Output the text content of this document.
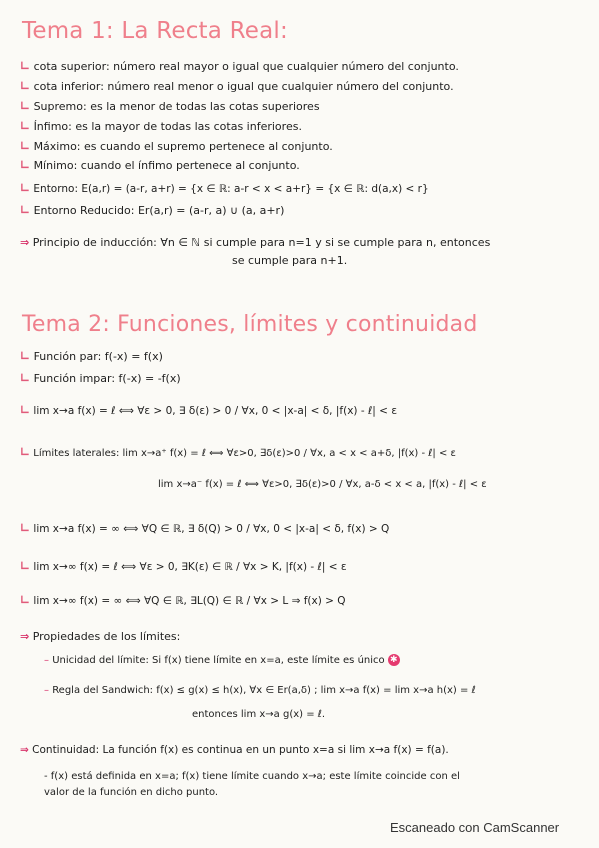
Tema 1: La Recta Real:
∟ cota superior: número real mayor o igual que cualquier número del conjunto.
∟ cota inferior: número real menor o igual que cualquier número del conjunto.
∟ Supremo: es la menor de todas las cotas superiores
∟ Ínfimo: es la mayor de todas las cotas inferiores.
∟ Máximo: es cuando el supremo pertenece al conjunto.
∟ Mínimo: cuando el ínfimo pertenece al conjunto.
∟ Entorno: E(a,r) = (a-r, a+r) = {x ∈ ℝ: a-r < x < a+r} = {x ∈ ℝ: d(a,x) < r}
∟ Entorno Reducido: Er(a,r) = (a-r, a) ∪ (a, a+r)
⇒ Principio de inducción: ∀n ∈ ℕ si cumple para n=1 y si se cumple para n, entonces
se cumple para n+1.
Tema 2: Funciones, límites y continuidad
∟ Función par: f(-x) = f(x)
∟ Función impar: f(-x) = -f(x)
∟ lim x→a f(x) = ℓ ⟺ ∀ε > 0, ∃ δ(ε) > 0 / ∀x, 0 < |x-a| < δ, |f(x) - ℓ| < ε
∟ Límites laterales: lim x→a⁺ f(x) = ℓ ⟺ ∀ε>0, ∃δ(ε)>0 / ∀x, a < x < a+δ, |f(x) - ℓ| < ε
lim x→a⁻ f(x) = ℓ ⟺ ∀ε>0, ∃δ(ε)>0 / ∀x, a-δ < x < a, |f(x) - ℓ| < ε
∟ lim x→a f(x) = ∞ ⟺ ∀Q ∈ ℝ, ∃ δ(Q) > 0 / ∀x, 0 < |x-a| < δ, f(x) > Q
∟ lim x→∞ f(x) = ℓ ⟺ ∀ε > 0, ∃K(ε) ∈ ℝ / ∀x > K, |f(x) - ℓ| < ε
∟ lim x→∞ f(x) = ∞ ⟺ ∀Q ∈ ℝ, ∃L(Q) ∈ ℝ / ∀x > L ⇒ f(x) > Q
⇒ Propiedades de los límites:
– Unicidad del límite: Si f(x) tiene límite en x=a, este límite es único ✱
– Regla del Sandwich: f(x) ≤ g(x) ≤ h(x), ∀x ∈ Er(a,δ) ; lim x→a f(x) = lim x→a h(x) = ℓ
entonces lim x→a g(x) = ℓ.
⇒ Continuidad: La función f(x) es continua en un punto x=a si lim x→a f(x) = f(a).
- f(x) está definida en x=a; f(x) tiene límite cuando x→a; este límite coincide con el
valor de la función en dicho punto.
Escaneado con CamScanner
